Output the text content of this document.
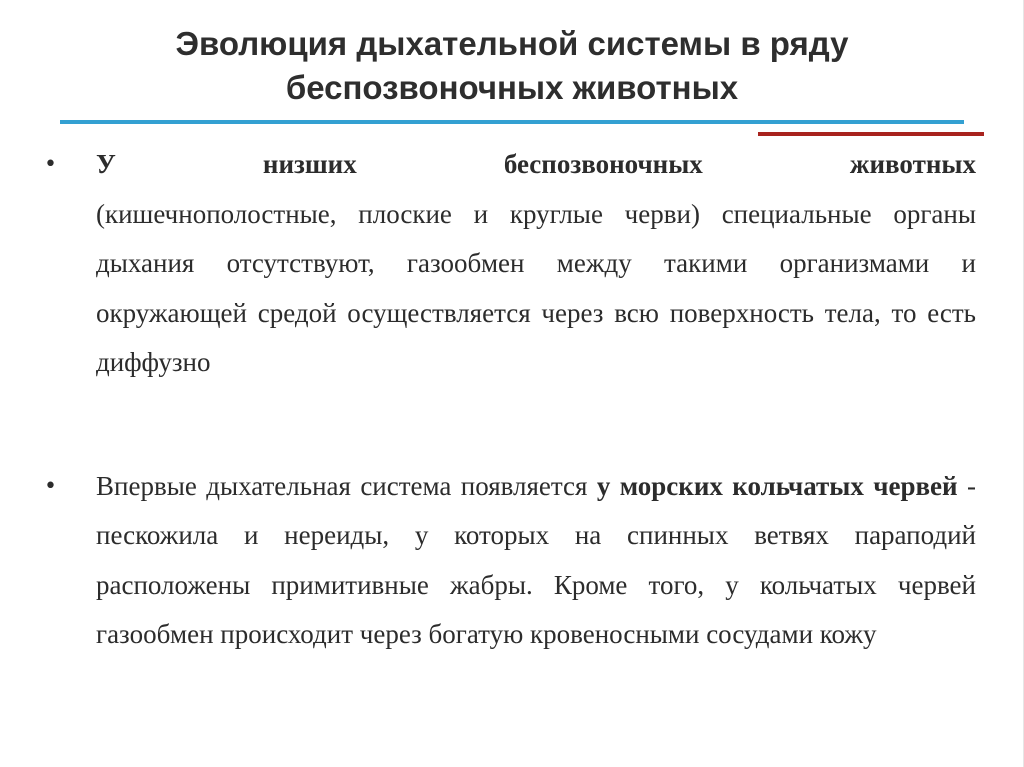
Эволюция дыхательной системы в ряду
беспозвоночных животных
• У	низших	беспозвоночных	животных
(кишечнополостные, плоские и круглые черви) специальные органы дыхания отсутствуют, газообмен между такими организмами и окружающей средой осуществляется через всю поверхность тела, то есть диффузно
• Впервые дыхательная система появляется у морских кольчатых червей - пескожила и нереиды, у которых на спинных ветвях параподий расположены примитивные жабры. Кроме того, у кольчатых червей газообмен происходит через богатую кровеносными сосудами кожу
